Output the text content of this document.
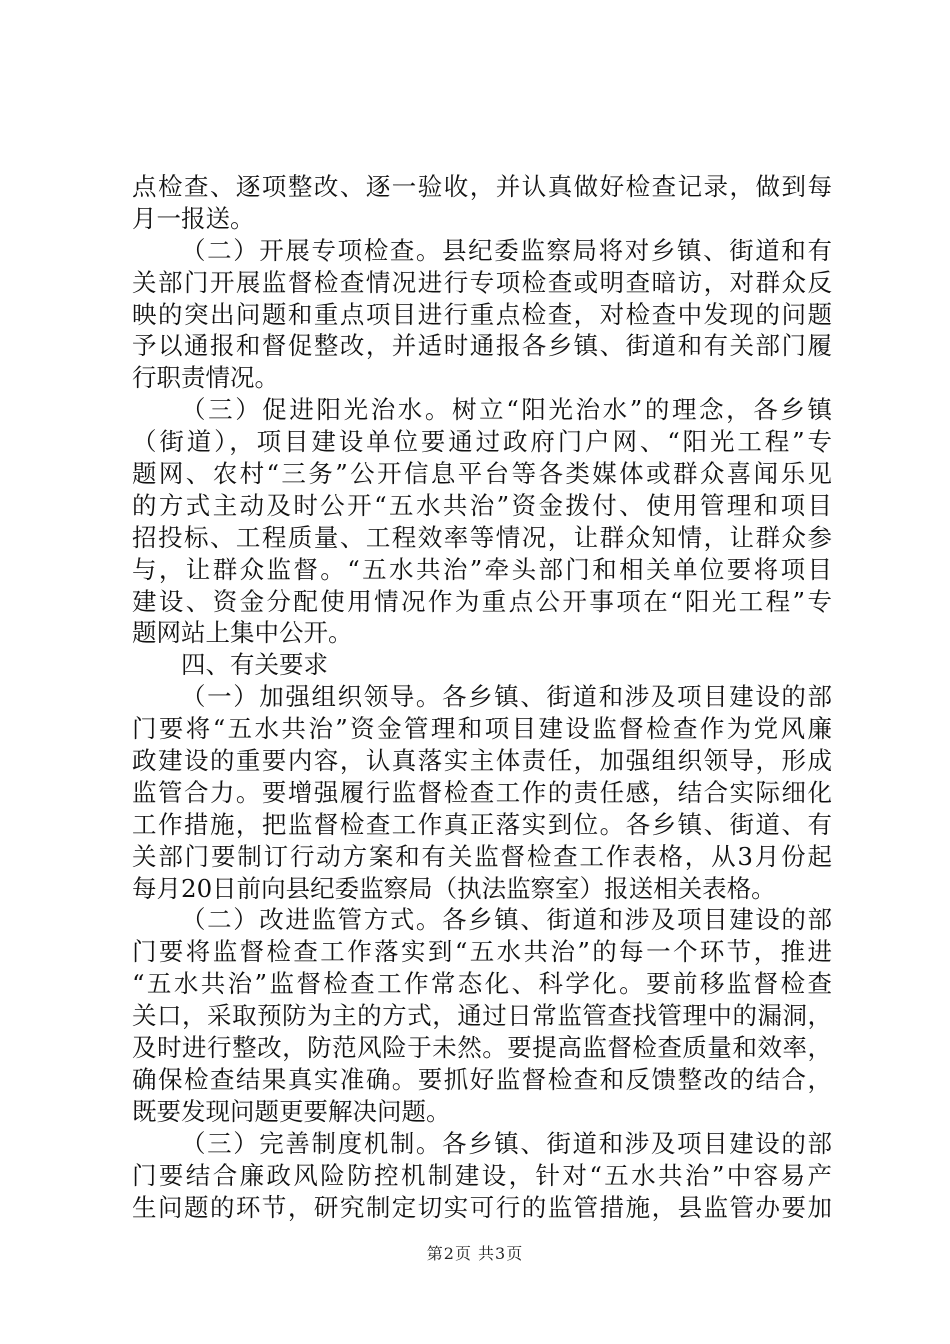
点检查、逐项整改、逐一验收，并认真做好检查记录，做到每
月一报送。
（二）开展专项检查。县纪委监察局将对乡镇、街道和有
关部门开展监督检查情况进行专项检查或明查暗访，对群众反
映的突出问题和重点项目进行重点检查，对检查中发现的问题
予以通报和督促整改，并适时通报各乡镇、街道和有关部门履
行职责情况。
（三）促进阳光治水。树立“阳光治水”的理念，各乡镇
（街道），项目建设单位要通过政府门户网、“阳光工程”专
题网、农村“三务”公开信息平台等各类媒体或群众喜闻乐见
的方式主动及时公开“五水共治”资金拨付、使用管理和项目
招投标、工程质量、工程效率等情况，让群众知情，让群众参
与，让群众监督。“五水共治”牵头部门和相关单位要将项目
建设、资金分配使用情况作为重点公开事项在“阳光工程”专
题网站上集中公开。
四、有关要求
（一）加强组织领导。各乡镇、街道和涉及项目建设的部
门要将“五水共治”资金管理和项目建设监督检查作为党风廉
政建设的重要内容，认真落实主体责任，加强组织领导，形成
监管合力。要增强履行监督检查工作的责任感，结合实际细化
工作措施，把监督检查工作真正落实到位。各乡镇、街道、有
关部门要制订行动方案和有关监督检查工作表格，从3月份起
每月20日前向县纪委监察局（执法监察室）报送相关表格。
（二）改进监管方式。各乡镇、街道和涉及项目建设的部
门要将监督检查工作落实到“五水共治”的每一个环节，推进
“五水共治”监督检查工作常态化、科学化。要前移监督检查
关口，采取预防为主的方式，通过日常监管查找管理中的漏洞，
及时进行整改，防范风险于未然。要提高监督检查质量和效率，
确保检查结果真实准确。要抓好监督检查和反馈整改的结合，
既要发现问题更要解决问题。
（三）完善制度机制。各乡镇、街道和涉及项目建设的部
门要结合廉政风险防控机制建设，针对“五水共治”中容易产
生问题的环节，研究制定切实可行的监管措施，县监管办要加
第2页 共3页
